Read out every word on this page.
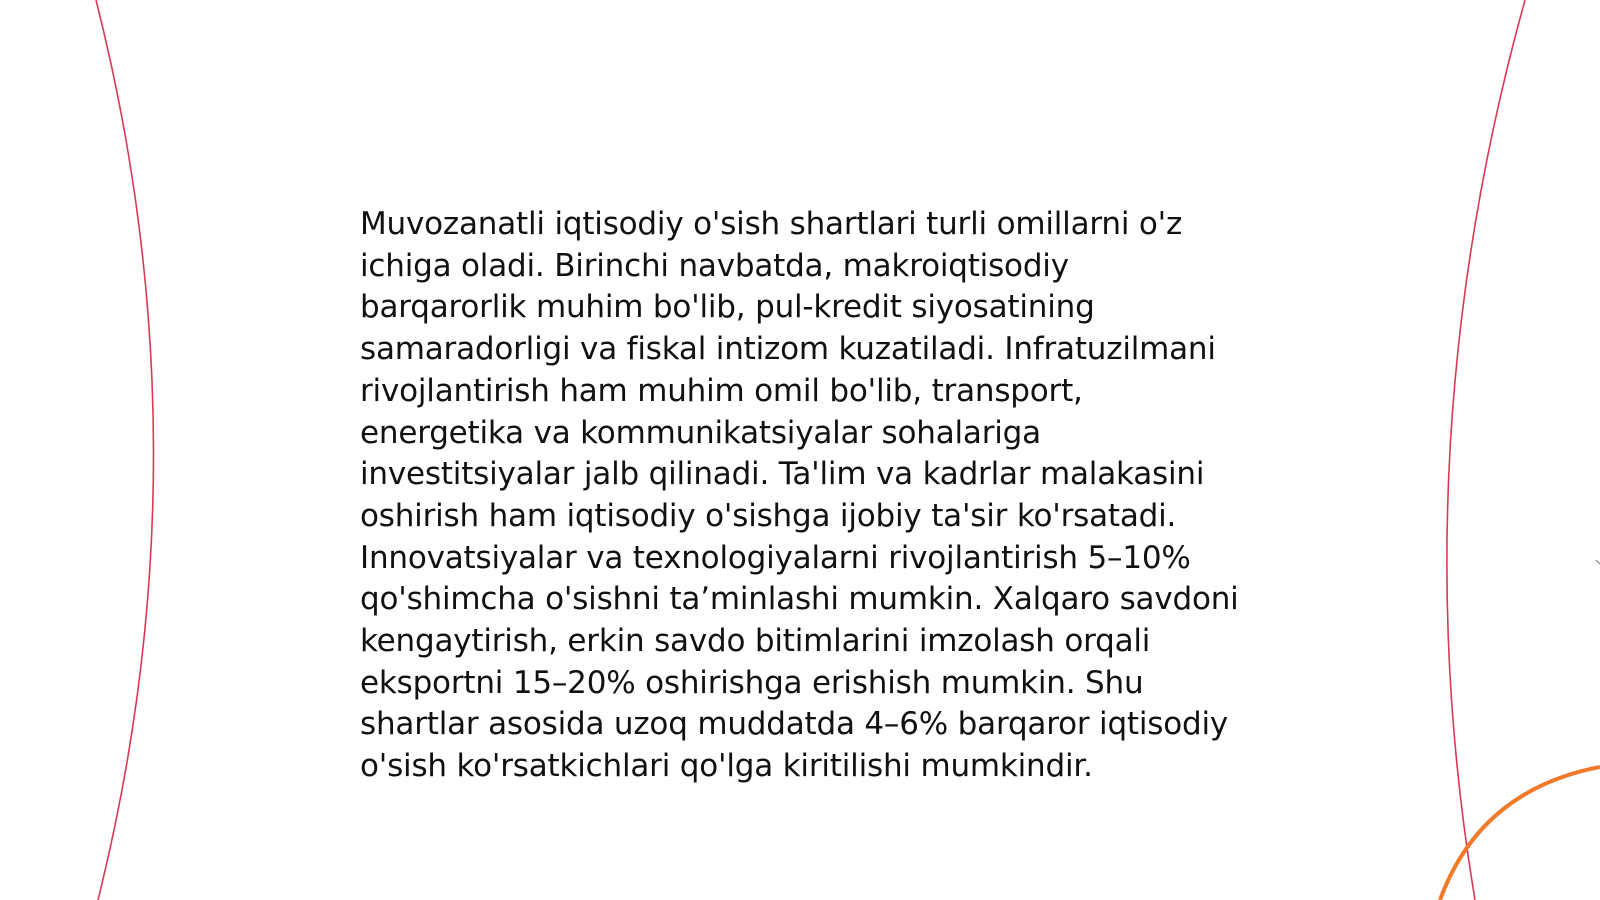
Muvozanatli iqtisodiy o'sish shartlari turli omillarni o'z ichiga oladi. Birinchi navbatda, makroiqtisodiy barqarorlik muhim bo'lib, pul-kredit siyosatining samaradorligi va fiskal intizom kuzatiladi. Infratuzilmani rivojlantirish ham muhim omil bo'lib, transport, energetika va kommunikatsiyalar sohalariga investitsiyalar jalb qilinadi. Ta'lim va kadrlar malakasini oshirish ham iqtisodiy o'sishga ijobiy ta'sir ko'rsatadi. Innovatsiyalar va texnologiyalarni rivojlantirish 5–10% qo'shimcha o'sishni ta’minlashi mumkin. Xalqaro savdoni kengaytirish, erkin savdo bitimlarini imzolash orqali eksportni 15–20% oshirishga erishish mumkin. Shu shartlar asosida uzoq muddatda 4–6% barqaror iqtisodiy o'sish ko'rsatkichlari qo'lga kiritilishi mumkindir.
